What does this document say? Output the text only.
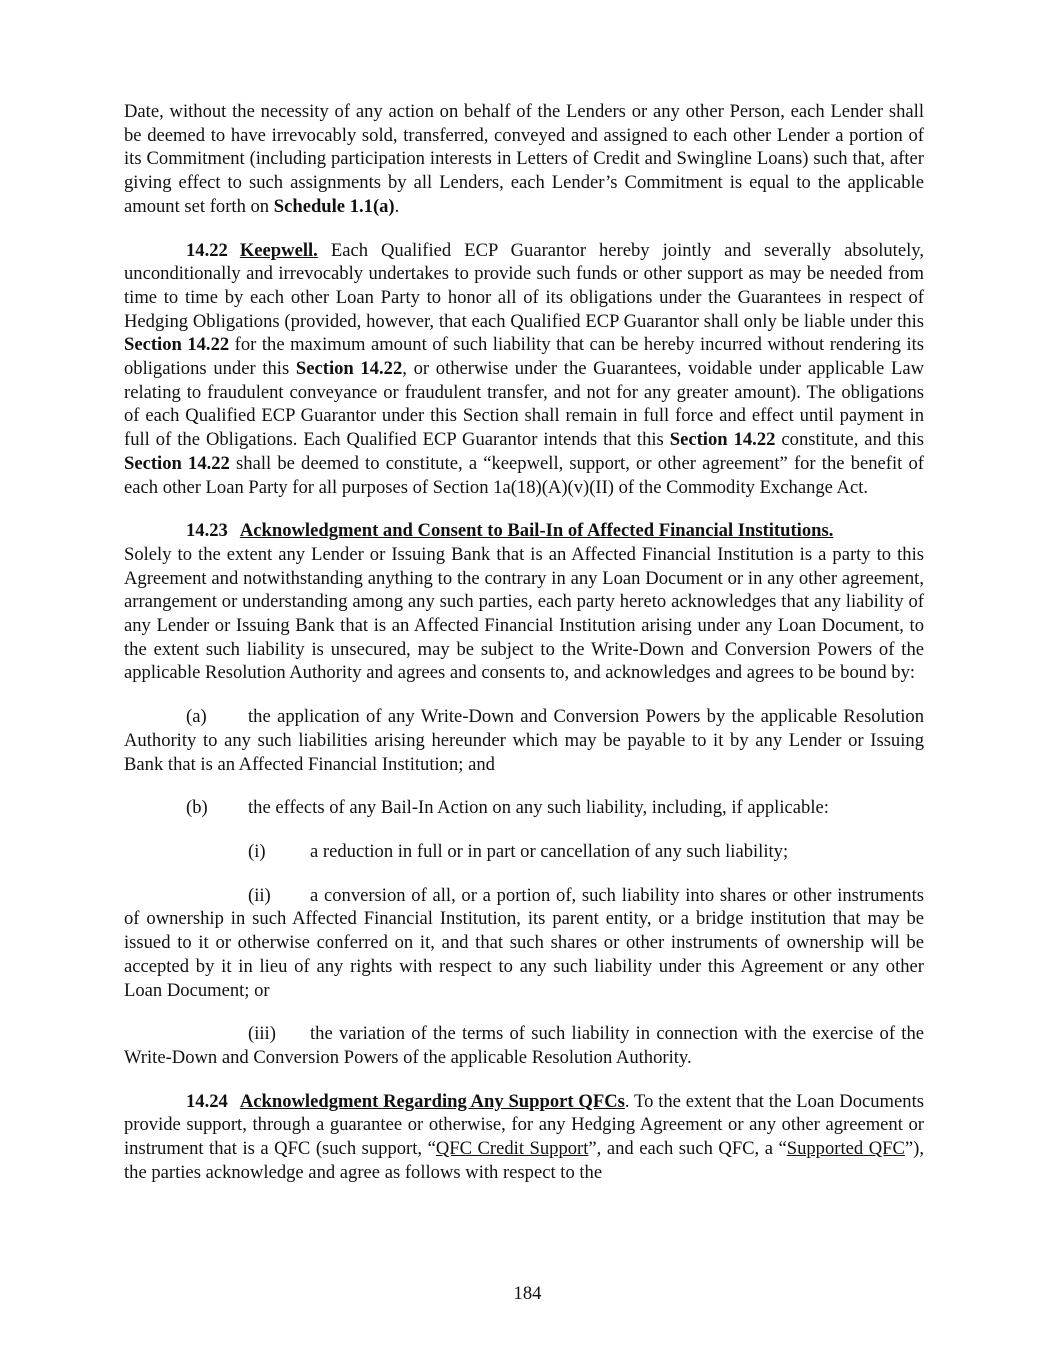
Date, without the necessity of any action on behalf of the Lenders or any other Person, each Lender shall be deemed to have irrevocably sold, transferred, conveyed and assigned to each other Lender a portion of its Commitment (including participation interests in Letters of Credit and Swingline Loans) such that, after giving effect to such assignments by all Lenders, each Lender’s Commitment is equal to the applicable amount set forth on Schedule 1.1(a).

14.22 Keepwell. Each Qualified ECP Guarantor hereby jointly and severally absolutely, unconditionally and irrevocably undertakes to provide such funds or other support as may be needed from time to time by each other Loan Party to honor all of its obligations under the Guarantees in respect of Hedging Obligations (provided, however, that each Qualified ECP Guarantor shall only be liable under this Section 14.22 for the maximum amount of such liability that can be hereby incurred without rendering its obligations under this Section 14.22, or otherwise under the Guarantees, voidable under applicable Law relating to fraudulent conveyance or fraudulent transfer, and not for any greater amount). The obligations of each Qualified ECP Guarantor under this Section shall remain in full force and effect until payment in full of the Obligations. Each Qualified ECP Guarantor intends that this Section 14.22 constitute, and this Section 14.22 shall be deemed to constitute, a “keepwell, support, or other agreement” for the benefit of each other Loan Party for all purposes of Section 1a(18)(A)(v)(II) of the Commodity Exchange Act.

14.23 Acknowledgment and Consent to Bail-In of Affected Financial Institutions.

Solely to the extent any Lender or Issuing Bank that is an Affected Financial Institution is a party to this Agreement and notwithstanding anything to the contrary in any Loan Document or in any other agreement, arrangement or understanding among any such parties, each party hereto acknowledges that any liability of any Lender or Issuing Bank that is an Affected Financial Institution arising under any Loan Document, to the extent such liability is unsecured, may be subject to the Write-Down and Conversion Powers of the applicable Resolution Authority and agrees and consents to, and acknowledges and agrees to be bound by:

(a) the application of any Write-Down and Conversion Powers by the applicable Resolution Authority to any such liabilities arising hereunder which may be payable to it by any Lender or Issuing Bank that is an Affected Financial Institution; and

(b) the effects of any Bail-In Action on any such liability, including, if applicable:

(i) a reduction in full or in part or cancellation of any such liability;

(ii) a conversion of all, or a portion of, such liability into shares or other instruments of ownership in such Affected Financial Institution, its parent entity, or a bridge institution that may be issued to it or otherwise conferred on it, and that such shares or other instruments of ownership will be accepted by it in lieu of any rights with respect to any such liability under this Agreement or any other Loan Document; or

(iii) the variation of the terms of such liability in connection with the exercise of the Write-Down and Conversion Powers of the applicable Resolution Authority.

14.24 Acknowledgment Regarding Any Support QFCs. To the extent that the Loan Documents provide support, through a guarantee or otherwise, for any Hedging Agreement or any other agreement or instrument that is a QFC (such support, “QFC Credit Support”, and each such QFC, a “Supported QFC”), the parties acknowledge and agree as follows with respect to the

184
